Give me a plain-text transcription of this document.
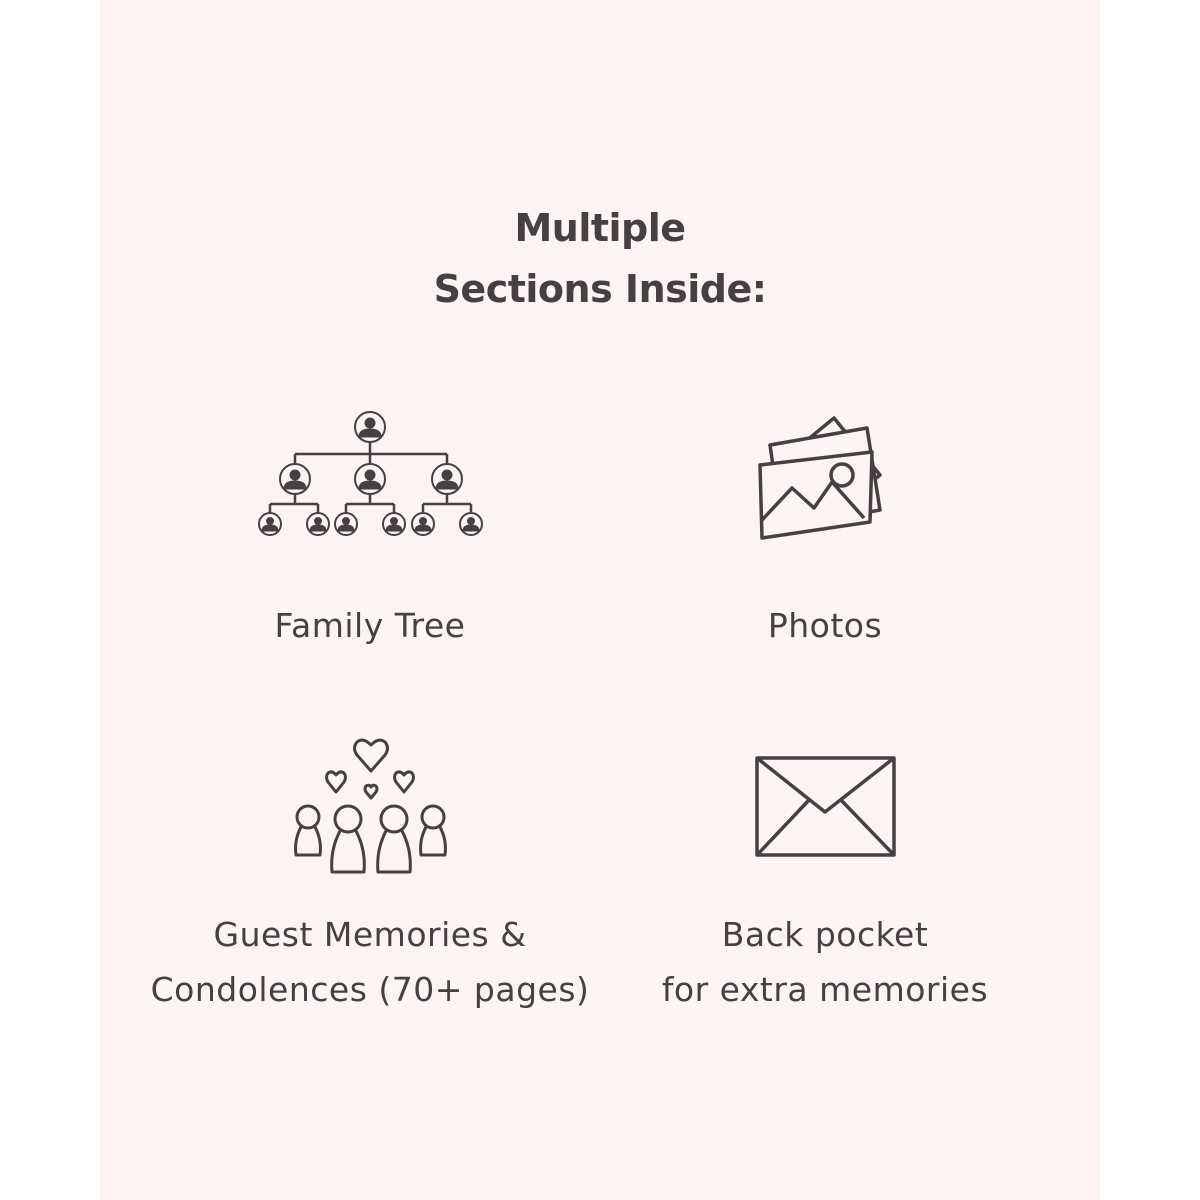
Multiple
Sections Inside:
Family Tree	Photos
Guest Memories &
Condolences (70+ pages)
Back pocket
for extra memories
